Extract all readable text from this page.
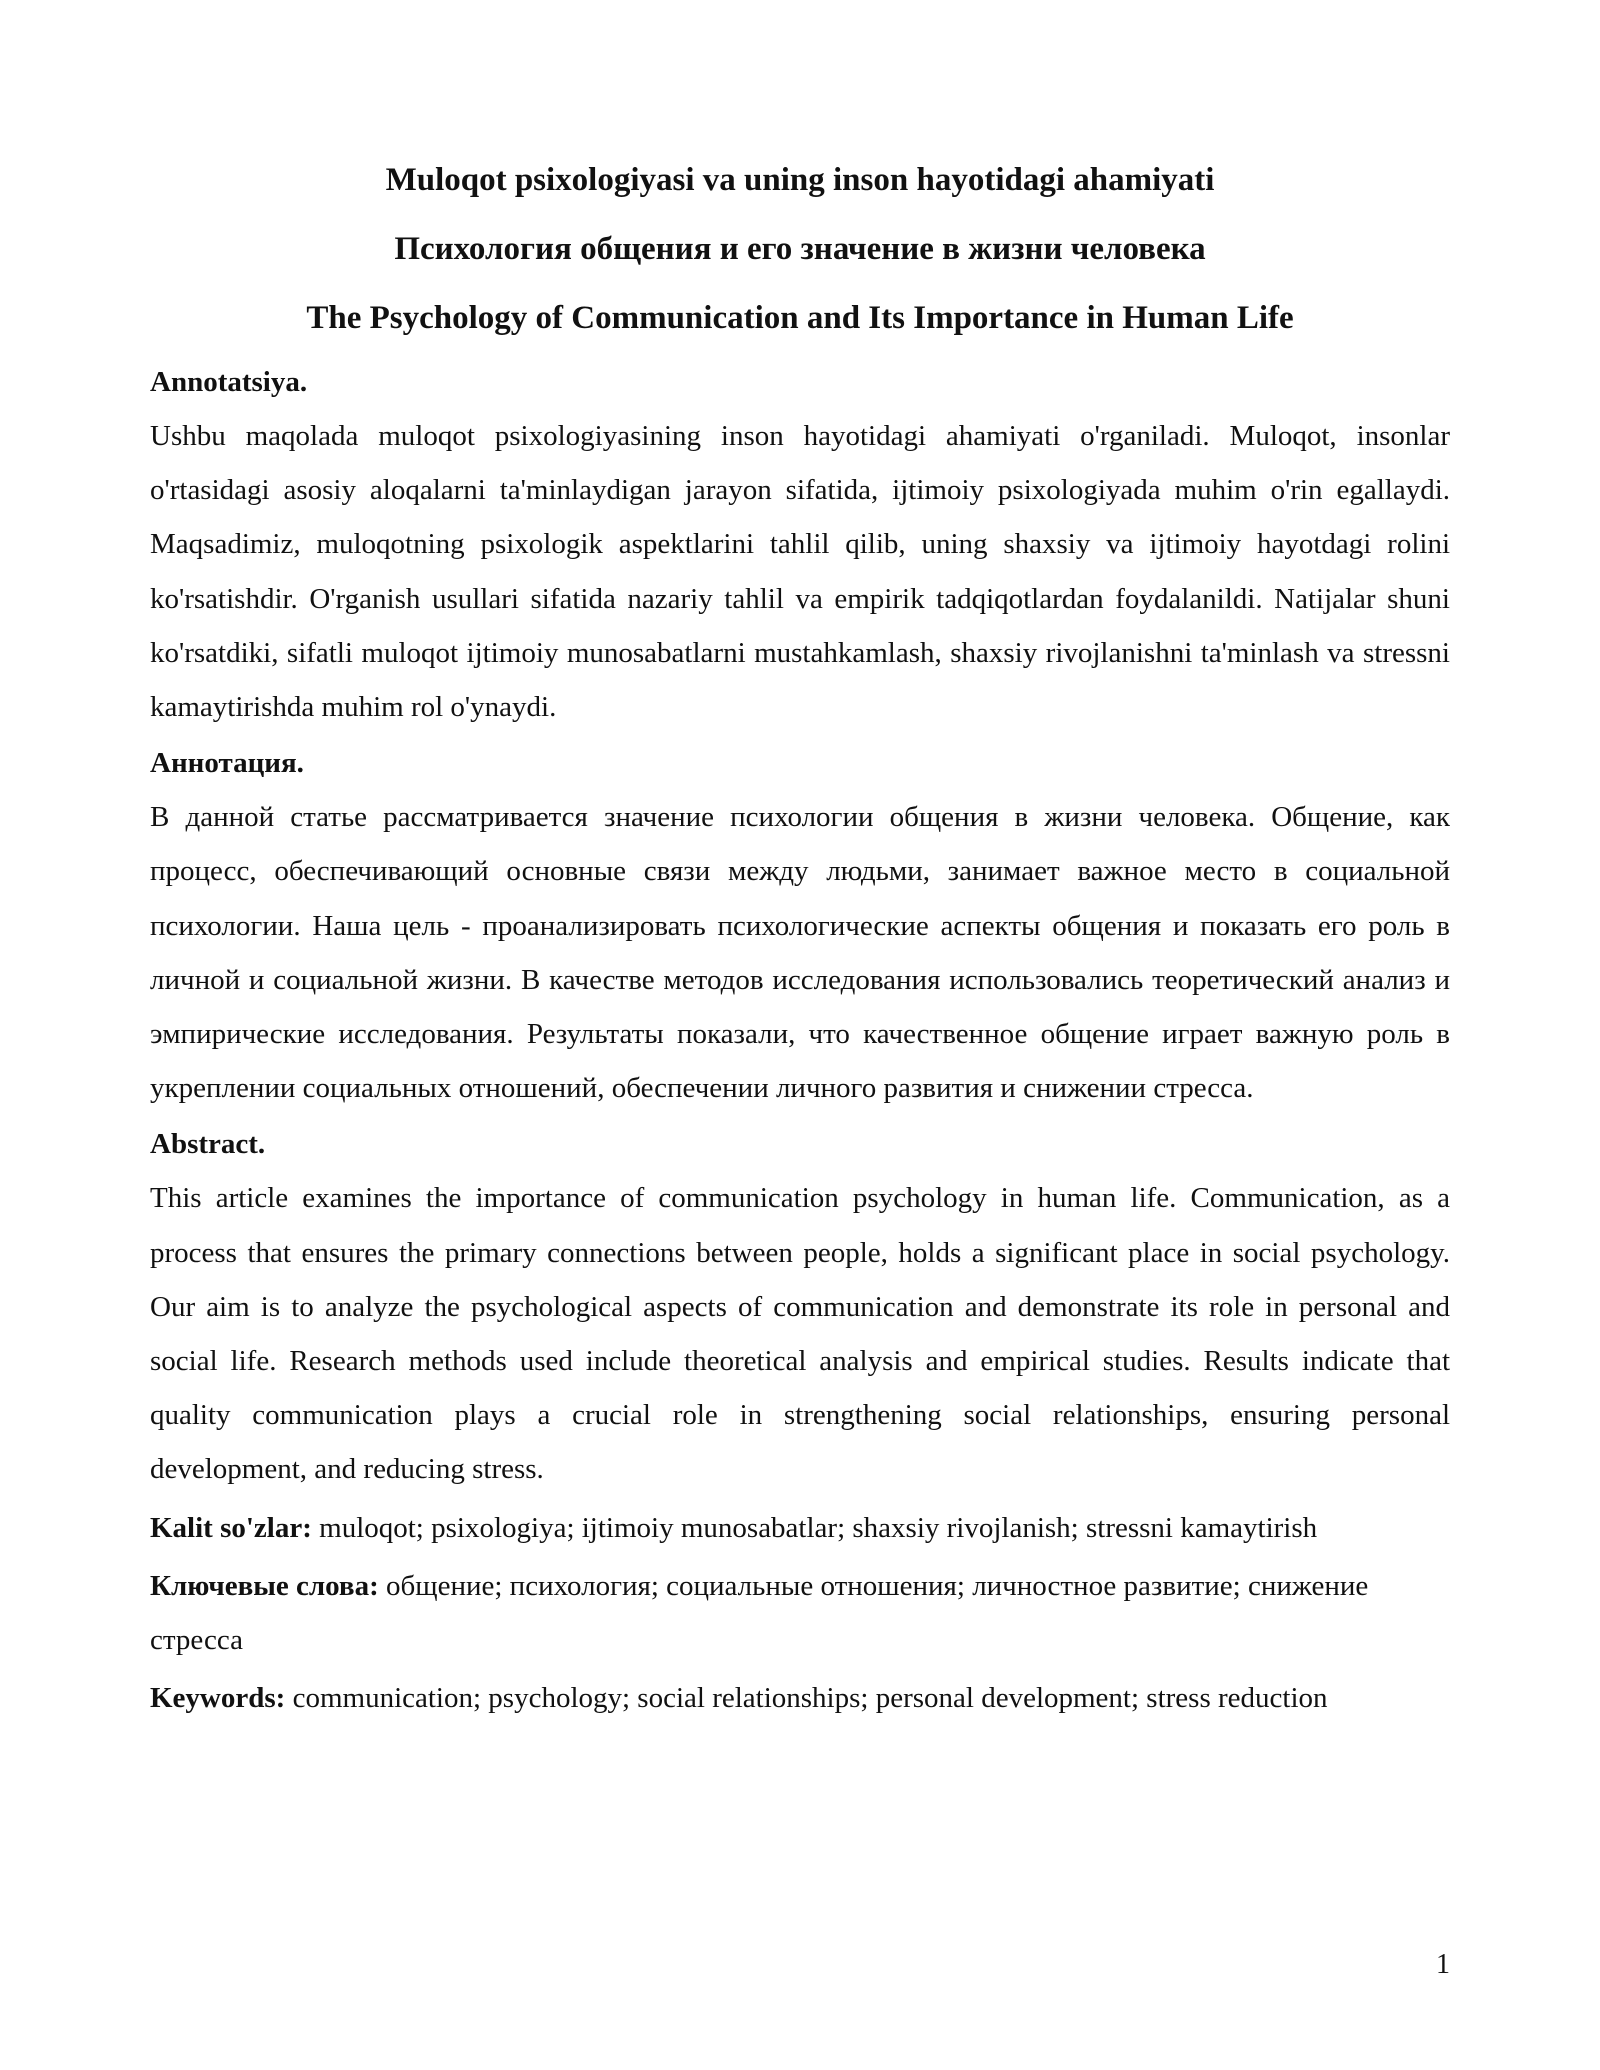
Muloqot psixologiyasi va uning inson hayotidagi ahamiyati
Психология общения и его значение в жизни человека
The Psychology of Communication and Its Importance in Human Life
Annotatsiya.

Ushbu maqolada muloqot psixologiyasining inson hayotidagi ahamiyati o'rganiladi. Muloqot, insonlar o'rtasidagi asosiy aloqalarni ta'minlaydigan jarayon sifatida, ijtimoiy psixologiyada muhim o'rin egallaydi. Maqsadimiz, muloqotning psixologik aspektlarini tahlil qilib, uning shaxsiy va ijtimoiy hayotdagi rolini ko'rsatishdir. O'rganish usullari sifatida nazariy tahlil va empirik tadqiqotlardan foydalanildi. Natijalar shuni ko'rsatdiki, sifatli muloqot ijtimoiy munosabatlarni mustahkamlash, shaxsiy rivojlanishni ta'minlash va stressni kamaytirishda muhim rol o'ynaydi.

Аннотация.

В данной статье рассматривается значение психологии общения в жизни человека. Общение, как процесс, обеспечивающий основные связи между людьми, занимает важное место в социальной психологии. Наша цель - проанализировать психологические аспекты общения и показать его роль в личной и социальной жизни. В качестве методов исследования использовались теоретический анализ и эмпирические исследования. Результаты показали, что качественное общение играет важную роль в укреплении социальных отношений, обеспечении личного развития и снижении стресса.

Abstract.

This article examines the importance of communication psychology in human life. Communication, as a process that ensures the primary connections between people, holds a significant place in social psychology. Our aim is to analyze the psychological aspects of communication and demonstrate its role in personal and social life. Research methods used include theoretical analysis and empirical studies. Results indicate that quality communication plays a crucial role in strengthening social relationships, ensuring personal development, and reducing stress.

Kalit so'zlar: muloqot; psixologiya; ijtimoiy munosabatlar; shaxsiy rivojlanish; stressni kamaytirish

Ключевые слова: общение; психология; социальные отношения; личностное развитие; снижение стресса

Keywords: communication; psychology; social relationships; personal development; stress reduction

1
